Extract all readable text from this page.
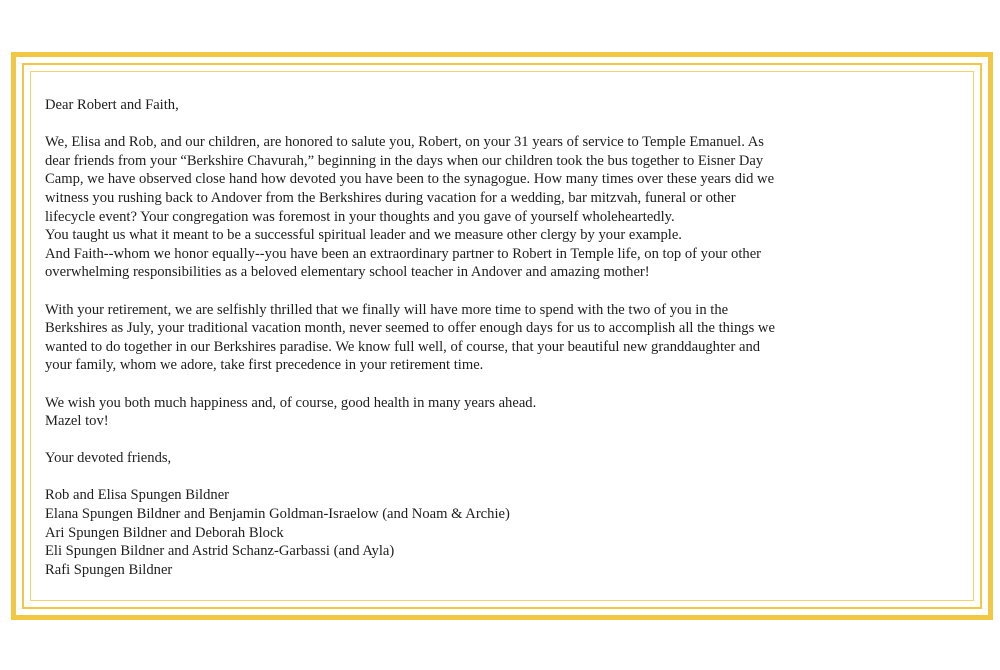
Dear Robert and Faith,

We, Elisa and Rob, and our children, are honored to salute you, Robert, on your 31 years of service to Temple Emanuel. As

dear friends from your “Berkshire Chavurah,” beginning in the days when our children took the bus together to Eisner Day

Camp, we have observed close hand how devoted you have been to the synagogue. How many times over these years did we

witness you rushing back to Andover from the Berkshires during vacation for a wedding, bar mitzvah, funeral or other

lifecycle event? Your congregation was foremost in your thoughts and you gave of yourself wholeheartedly.

You taught us what it meant to be a successful spiritual leader and we measure other clergy by your example.

And Faith--whom we honor equally--you have been an extraordinary partner to Robert in Temple life, on top of your other

overwhelming responsibilities as a beloved elementary school teacher in Andover and amazing mother!

With your retirement, we are selfishly thrilled that we finally will have more time to spend with the two of you in the

Berkshires as July, your traditional vacation month, never seemed to offer enough days for us to accomplish all the things we

wanted to do together in our Berkshires paradise. We know full well, of course, that your beautiful new granddaughter and

your family, whom we adore, take first precedence in your retirement time.

We wish you both much happiness and, of course, good health in many years ahead.

Mazel tov!

Your devoted friends,

Rob and Elisa Spungen Bildner

Elana Spungen Bildner and Benjamin Goldman-Israelow (and Noam & Archie)

Ari Spungen Bildner and Deborah Block

Eli Spungen Bildner and Astrid Schanz-Garbassi (and Ayla)

Rafi Spungen Bildner
